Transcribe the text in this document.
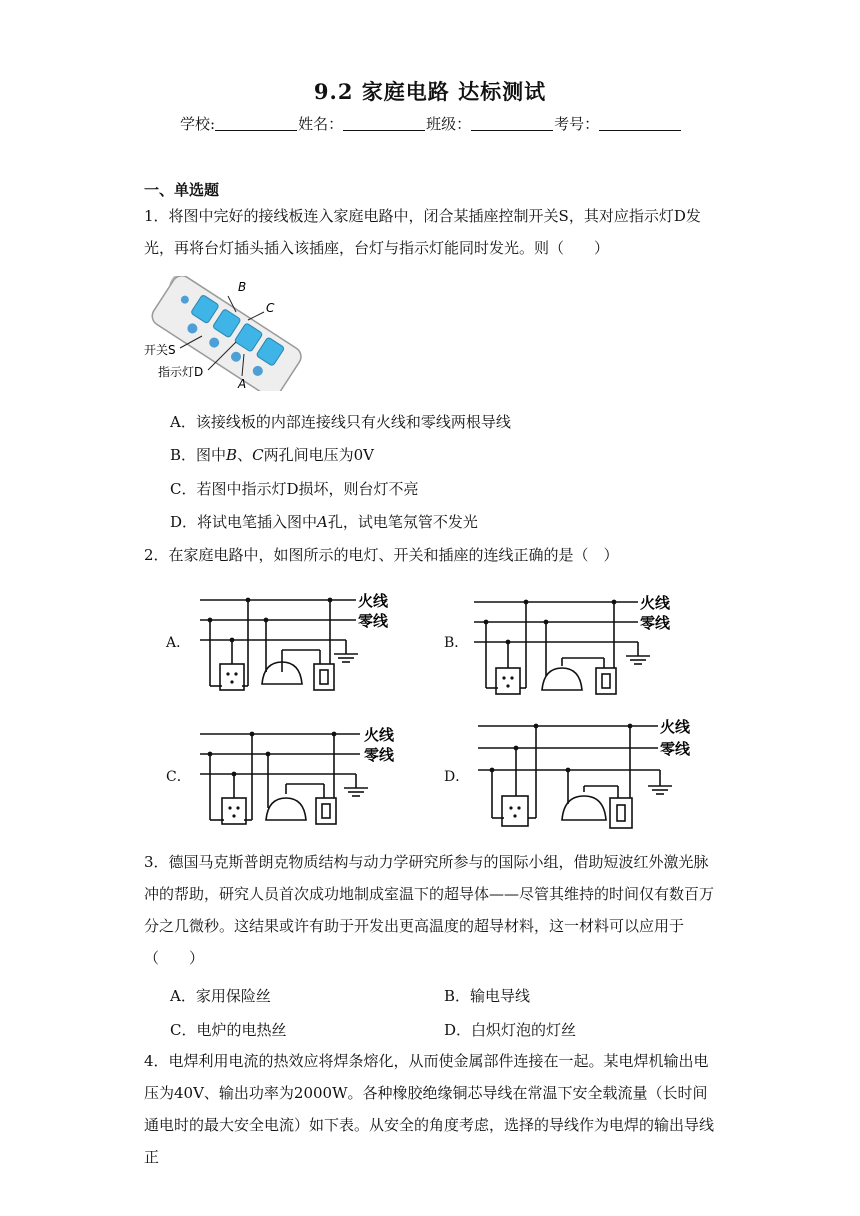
9.2 家庭电路 达标测试
学校:	姓名：	班级：	考号：
一、单选题
1．将图中完好的接线板连入家庭电路中，闭合某插座控制开关S，其对应指示灯D发光，再将台灯插头插入该插座，台灯与指示灯能同时发光。则（　　）
B
C
开关S
指示灯D
A
A．该接线板的内部连接线只有火线和零线两根导线
B．图中B、C两孔间电压为0V
C．若图中指示灯D损坏，则台灯不亮
D．将试电笔插入图中A孔，试电笔氖管不发光
2．在家庭电路中，如图所示的电灯、开关和插座的连线正确的是（　）
A．	B．
C．	D．
火线
零线
火线
零线
火线
零线
火线
零线
3．德国马克斯普朗克物质结构与动力学研究所参与的国际小组，借助短波红外激光脉冲的帮助，研究人员首次成功地制成室温下的超导体——尽管其维持的时间仅有数百万分之几微秒。这结果或许有助于开发出更高温度的超导材料，这一材料可以应用于（　　）
A．家用保险丝	B．输电导线
C．电炉的电热丝	D．白炽灯泡的灯丝
4．电焊利用电流的热效应将焊条熔化，从而使金属部件连接在一起。某电焊机输出电压为40V、输出功率为2000W。各种橡胶绝缘铜芯导线在常温下安全载流量（长时间通电时的最大安全电流）如下表。从安全的角度考虑，选择的导线作为电焊的输出导线正
